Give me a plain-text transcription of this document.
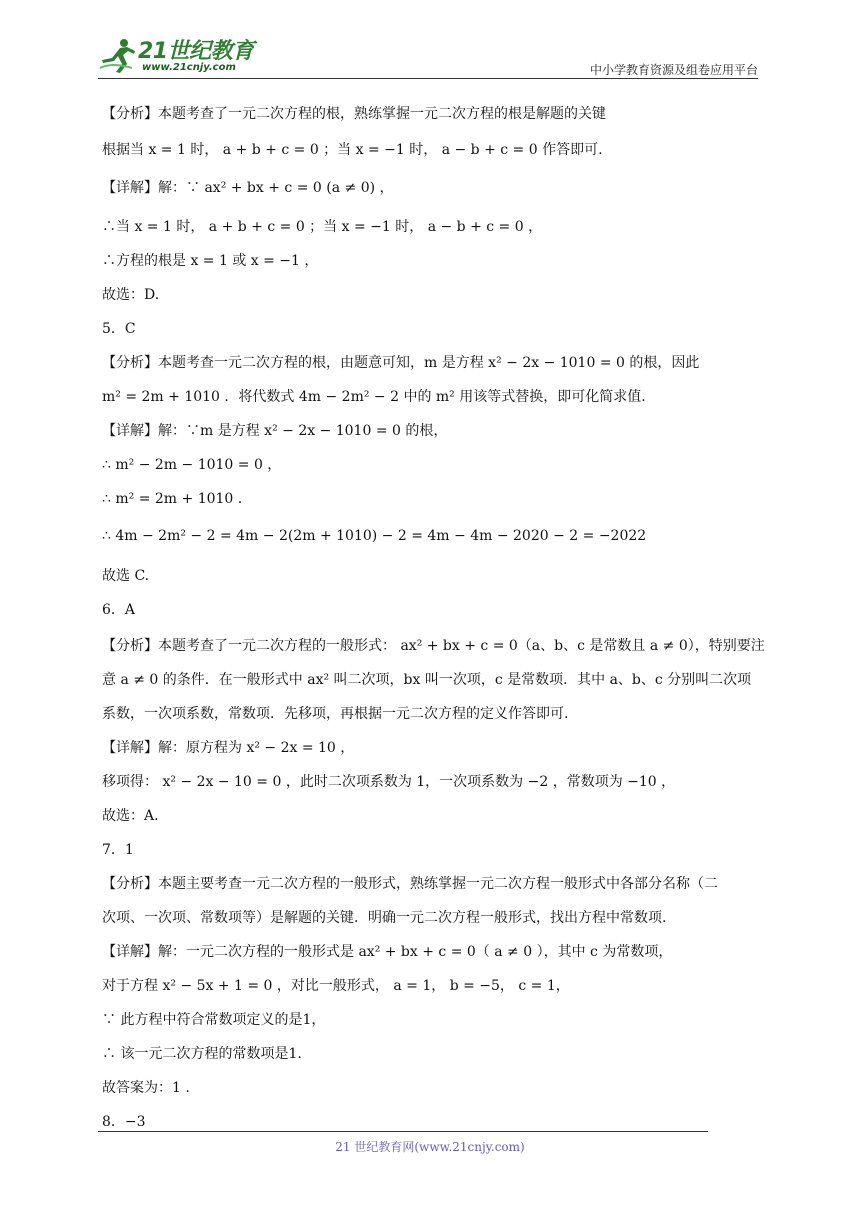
21世纪教育
www.21cnjy.com	中小学教育资源及组卷应用平台
【分析】本题考查了一元二次方程的根，熟练掌握一元二次方程的根是解题的关键
根据当 x = 1 时， a + b + c = 0 ；当 x = −1 时， a − b + c = 0 作答即可.
【详解】解：∵ ax² + bx + c = 0 (a ≠ 0) ，
∴当 x = 1 时， a + b + c = 0 ；当 x = −1 时， a − b + c = 0 ，
∴方程的根是 x = 1 或 x = −1 ，
故选：D.
5．C
【分析】本题考查一元二次方程的根，由题意可知，m 是方程 x² − 2x − 1010 = 0 的根，因此
m² = 2m + 1010 ．将代数式 4m − 2m² − 2 中的 m² 用该等式替换，即可化简求值.
【详解】解：∵m 是方程 x² − 2x − 1010 = 0 的根，
∴ m² − 2m − 1010 = 0 ，
∴ m² = 2m + 1010 .
∴ 4m − 2m² − 2 = 4m − 2(2m + 1010) − 2 = 4m − 4m − 2020 − 2 = −2022
故选 C.
6．A
【分析】本题考查了一元二次方程的一般形式： ax² + bx + c = 0（a、b、c 是常数且 a ≠ 0），特别要注
意 a ≠ 0 的条件．在一般形式中 ax² 叫二次项，bx 叫一次项，c 是常数项．其中 a、b、c 分别叫二次项
系数，一次项系数，常数项．先移项，再根据一元二次方程的定义作答即可.
【详解】解：原方程为 x² − 2x = 10 ，
移项得： x² − 2x − 10 = 0 ，此时二次项系数为 1，一次项系数为 −2 ，常数项为 −10 ，
故选：A.
7．1
【分析】本题主要考查一元二次方程的一般形式，熟练掌握一元二次方程一般形式中各部分名称（二
次项、一次项、常数项等）是解题的关键．明确一元二次方程一般形式，找出方程中常数项.
【详解】解：一元二次方程的一般形式是 ax² + bx + c = 0（ a ≠ 0 ），其中 c 为常数项，
对于方程 x² − 5x + 1 = 0 ，对比一般形式， a = 1， b = −5， c = 1，
∵ 此方程中符合常数项定义的是1，
∴ 该一元二次方程的常数项是1.
故答案为：1 .
8．−3
21 世纪教育网(www.21cnjy.com)
